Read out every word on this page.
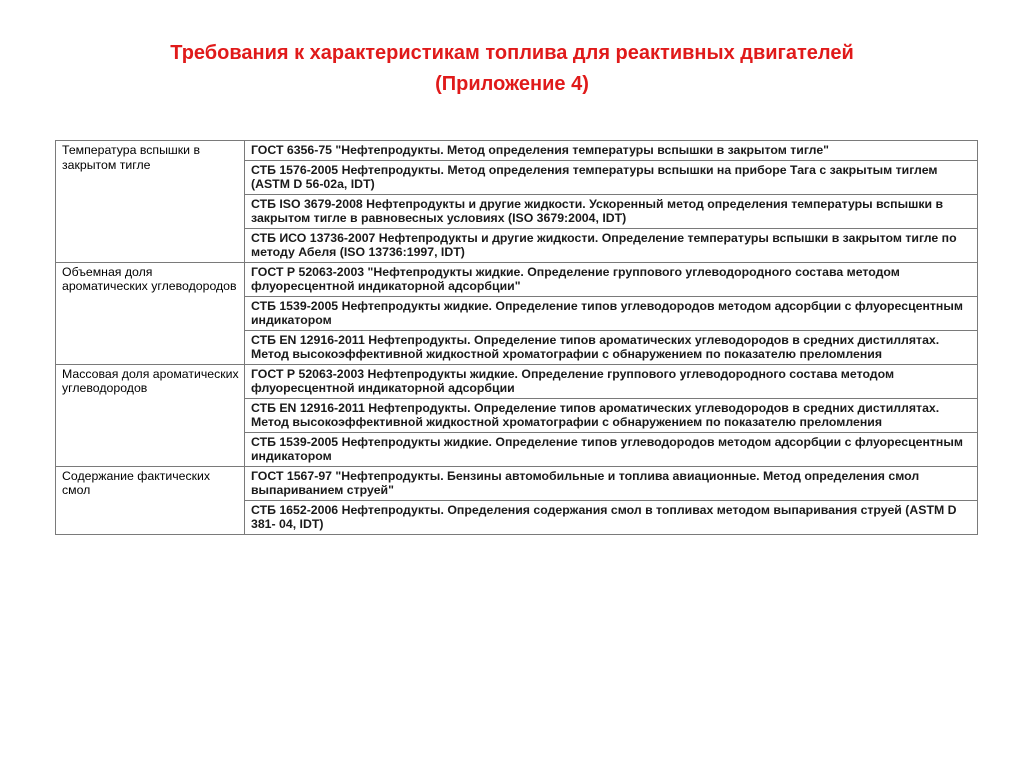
Требования к характеристикам топлива для реактивных двигателей
(Приложение 4)
Температура вспышки в закрытом тигле	ГОСТ 6356-75 "Нефтепродукты. Метод определения температуры вспышки в закрытом тигле"
	СТБ 1576-2005 Нефтепродукты. Метод определения температуры вспышки на приборе Тага с закрытым тиглем (ASTM D 56-02a, IDT)
	СТБ ISO 3679-2008 Нефтепродукты и другие жидкости. Ускоренный метод определения температуры вспышки в закрытом тигле в равновесных условиях (ISO 3679:2004, IDT)
	СТБ ИСО 13736-2007 Нефтепродукты и другие жидкости. Определение температуры вспышки в закрытом тигле по методу Абеля (ISO 13736:1997, IDT)
Объемная доля ароматических углеводородов	ГОСТ Р 52063-2003 "Нефтепродукты жидкие. Определение группового углеводородного состава методом флуоресцентной индикаторной адсорбции"
	СТБ 1539-2005 Нефтепродукты жидкие. Определение типов углеводородов методом адсорбции с флуоресцентным индикатором
	СТБ EN 12916-2011 Нефтепродукты. Определение типов ароматических углеводородов в средних дистиллятах. Метод высокоэффективной жидкостной хроматографии с обнаружением по показателю преломления
Массовая доля ароматических углеводородов	ГОСТ Р 52063-2003 Нефтепродукты жидкие. Определение группового углеводородного состава методом флуоресцентной индикаторной адсорбции
	СТБ EN 12916-2011 Нефтепродукты. Определение типов ароматических углеводородов в средних дистиллятах. Метод высокоэффективной жидкостной хроматографии с обнаружением по показателю преломления
	СТБ 1539-2005 Нефтепродукты жидкие. Определение типов углеводородов методом адсорбции с флуоресцентным индикатором
Содержание фактических смол	ГОСТ 1567-97 "Нефтепродукты. Бензины автомобильные и топлива авиационные. Метод определения смол выпариванием струей"
	СТБ 1652-2006 Нефтепродукты. Определения содержания смол в топливах методом выпаривания струей (ASTM D 381- 04, IDT)
